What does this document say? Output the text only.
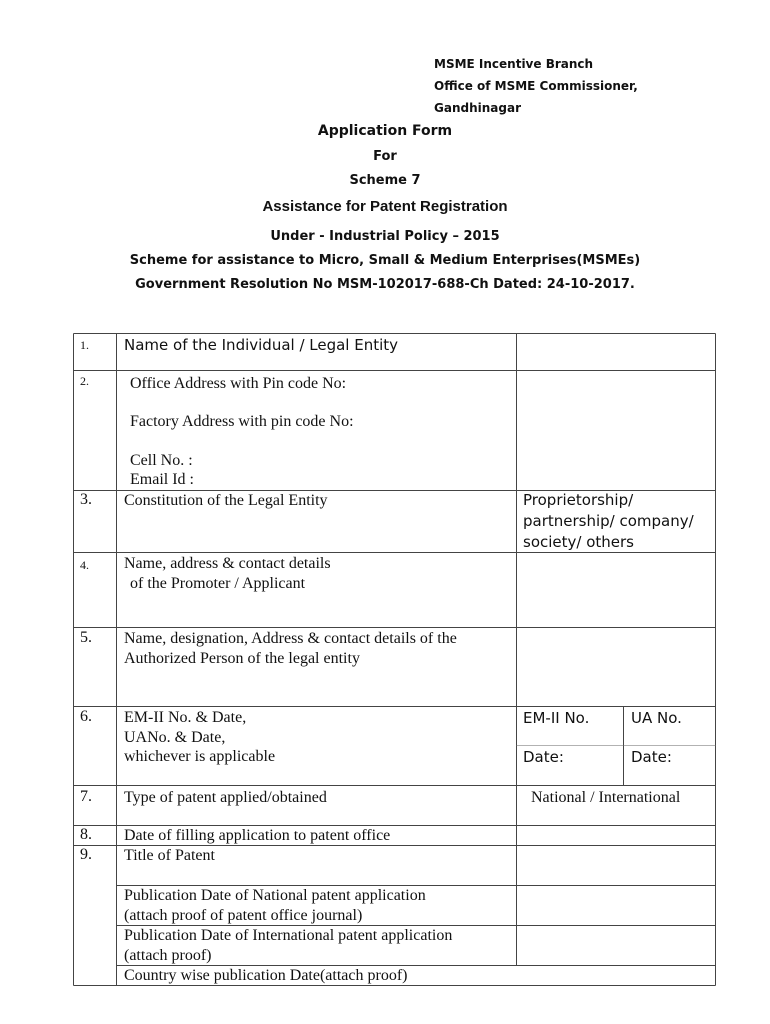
MSME Incentive Branch
Office of MSME Commissioner,
Gandhinagar
Application Form
For
Scheme 7
Assistance for Patent Registration
Under - Industrial Policy – 2015
Scheme for assistance to Micro, Small & Medium Enterprises(MSMEs)
Government Resolution No MSM-102017-688-Ch Dated: 24-10-2017.
1. Name of the Individual / Legal Entity
2.	Office Address with Pin code No:
Factory Address with pin code No:
Cell No. :
Email Id :
3. Constitution of the Legal Entity	Proprietorship/
partnership/ company/
society/ others
4. Name, address & contact details
of the Promoter / Applicant
5. Name, designation, Address & contact details of the
Authorized Person of the legal entity
6. EM-II No. & Date,
UANo. & Date,
whichever is applicable
EM-II No.	UA No.
Date:	Date:
7. Type of patent applied/obtained	National / International
8. Date of filling application to patent office
9. Title of Patent
Publication Date of National patent application
(attach proof of patent office journal)
Publication Date of International patent application
(attach proof)
Country wise publication Date(attach proof)
